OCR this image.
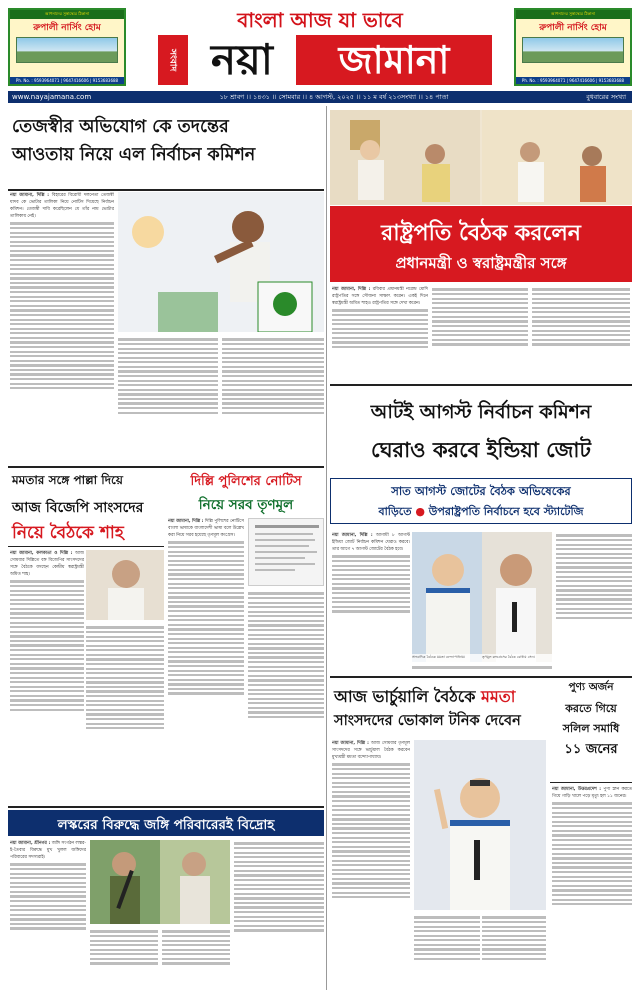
আপনাদের সুস্বাস্থ্যের ঠিকানা
রুপালী নার্সিং হোম
Ph. No. : 9593964071 | 9647416606 | 9153683688
আপনাদের সুস্বাস্থ্যের ঠিকানা
রুপালী নার্সিং হোম
Ph. No. : 9593964071 | 9647416606 | 9153683688
বাংলা আজ যা ভাবে
সংবাদ নয়া	জামানা
www.nayajamana.com	১৮ শ্রাবণ ।। ১৪৩১ ।। সোমবার ।। ৪ আগস্ট, ২০২৫ ।। ১১ ম বর্ষ ২১৩সংখ্যা ।। ১৪ পাতা	বুধবারের সংখ্যা
তেজস্বীর অভিযোগ কে তদন্তের
আওতায় নিয়ে এল নির্বাচন কমিশন
নয়া জামানা, দিল্লি : বিহারের বিরোধী দলনেতা তেজস্বী যাদব কে ভোটার তালিকা নিয়ে নোটিস দিয়েছে নির্বাচন কমিশন। তেজস্বী দাবি করেছিলেন যে তাঁর নাম ভোটার তালিকায় নেই।
রাষ্ট্রপতি বৈঠক করলেন
প্রধানমন্ত্রী ও স্বরাষ্ট্রমন্ত্রীর সঙ্গে
নয়া জামানা, দিল্লি : রবিবার প্রধানমন্ত্রী নরেন্দ্র মোদি রাষ্ট্রপতির সঙ্গে সৌজন্য সাক্ষাৎ করেন। একই দিনে স্বরাষ্ট্রমন্ত্রী অমিত শাহও রাষ্ট্রপতির সঙ্গে দেখা করেন।
আটই আগস্ট নির্বাচন কমিশন
ঘেরাও করবে ইন্ডিয়া জোট
সাত আগস্ট জোটের বৈঠক অভিষেকের
বাড়িতে ● উপরাষ্ট্রপতি নির্বাচনে হবে স্ট্যাটেজি
নয়া জামানা, দিল্লি : আগামী ৮ আগস্ট ইন্ডিয়া জোট নির্বাচন কমিশন ঘেরাও করবে। তার আগে ৭ আগস্ট জোটের বৈঠক হবে।
সাংবাদিক বৈঠকে মমতা বন্দ্যোপাধ্যায়।	তৃণমূল কংগ্রেসের বৈঠক বোধায় সেন।
মমতার সঙ্গে পাল্লা দিয়ে
আজ বিজেপি সাংসদের
নিয়ে বৈঠকে শাহ
নয়া জামানা, কলকাতা ও দিল্লি : আজ সোমবার দিল্লিতে বঙ্গ বিজেপির সাংসদদের সঙ্গে বৈঠকে বসছেন কেন্দ্রীয় স্বরাষ্ট্রমন্ত্রী অমিত শাহ।
দিল্লি পুলিশের নোটিস
নিয়ে সরব তৃণমূল
নয়া জামানা, দিল্লি : দিল্লি পুলিশের নোটিসে বাংলা ভাষাকে বাংলাদেশী ভাষা বলে উল্লেখ করা নিয়ে সরব হয়েছে তৃণমূল কংগ্রেস।
আজ ভার্চুয়ালি বৈঠকে মমতা
সাংসদদের ভোকাল টনিক দেবেন
নয়া জামানা, দিল্লি : আজ সোমবার তৃণমূল সাংসদদের সঙ্গে ভার্চুয়াল বৈঠক করবেন মুখ্যমন্ত্রী মমতা বন্দ্যোপাধ্যায়।
পুণ্য অর্জন
করতে গিয়ে
সলিল সমাধি
১১ জনের
নয়া জামানা, উত্তরপ্রদেশ : পুণ্য স্নান করতে গিয়ে গাড়ি খালে পড়ে মৃত্যু হল ১১ জনের।
লস্করের বিরুদ্ধে জঙ্গি পরিবারেরই বিদ্রোহ
নয়া জামানা, শ্রীনগর : জঙ্গি সংগঠন লস্কর-ই-তৈবার বিরুদ্ধে মুখ খুলল জঙ্গিদের পরিবারের সদস্যরাই।
